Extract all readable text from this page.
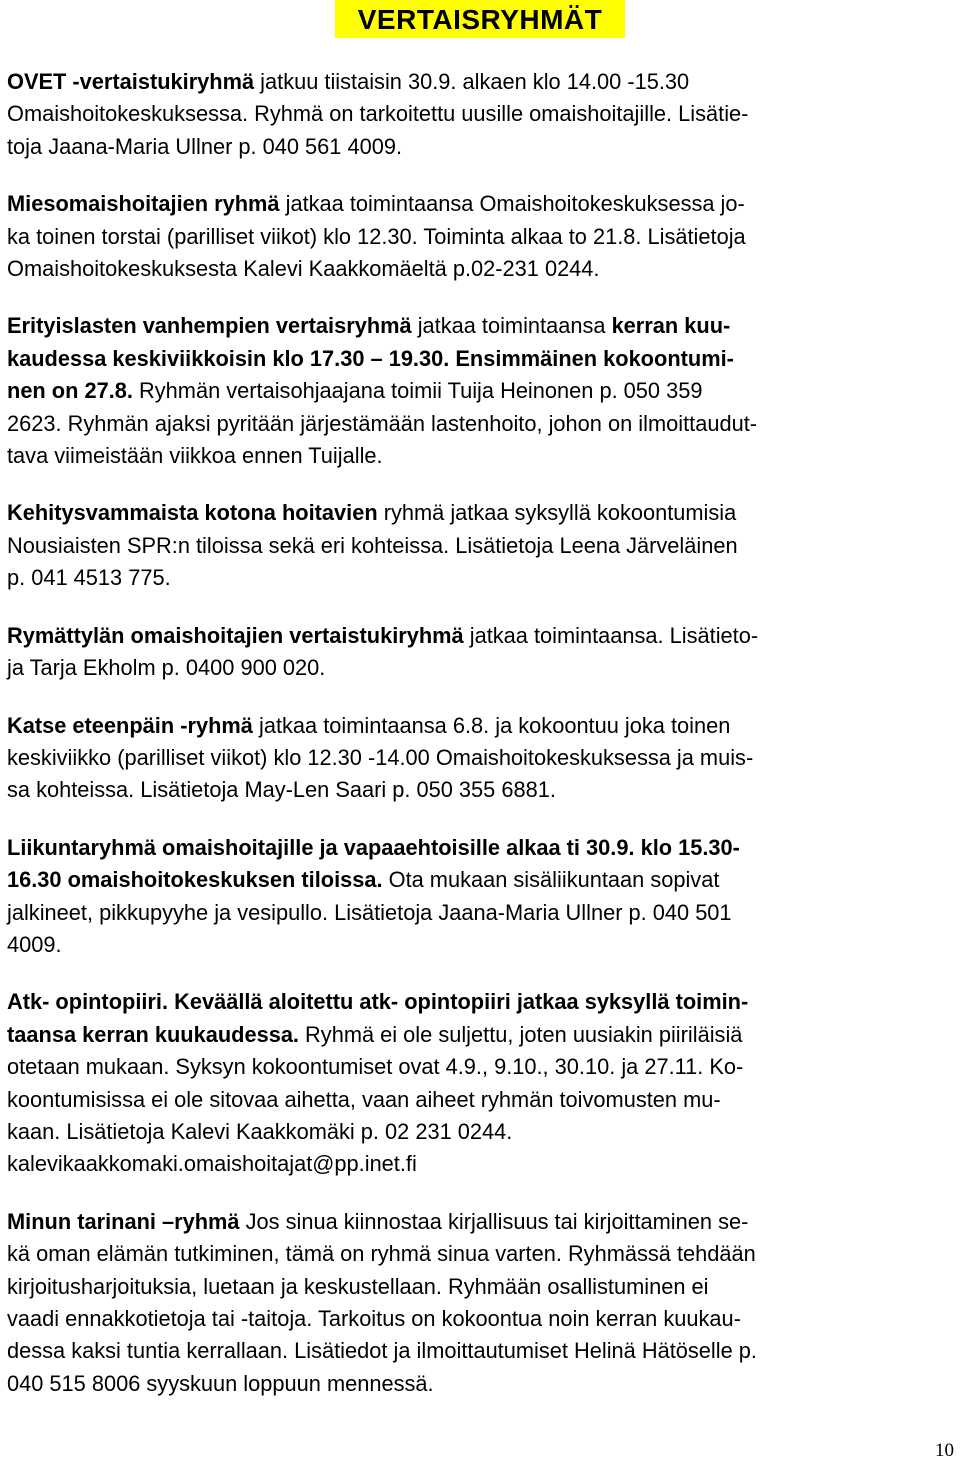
VERTAISRYHMÄT
OVET -vertaistukiryhmä jatkuu tiistaisin 30.9. alkaen klo 14.00 -15.30
Omaishoitokeskuksessa. Ryhmä on tarkoitettu uusille omaishoitajille. Lisätie-
toja Jaana-Maria Ullner p. 040 561 4009.
Miesomaishoitajien ryhmä jatkaa toimintaansa Omaishoitokeskuksessa jo-
ka toinen torstai (parilliset viikot) klo 12.30. Toiminta alkaa to 21.8. Lisätietoja
Omaishoitokeskuksesta Kalevi Kaakkomäeltä p.02-231 0244.
Erityislasten vanhempien vertaisryhmä jatkaa toimintaansa kerran kuu-
kaudessa keskiviikkoisin klo 17.30 – 19.30. Ensimmäinen kokoontumi-
nen on 27.8. Ryhmän vertaisohjaajana toimii Tuija Heinonen p. 050 359
2623. Ryhmän ajaksi pyritään järjestämään lastenhoito, johon on ilmoittaudut-
tava viimeistään viikkoa ennen Tuijalle.
Kehitysvammaista kotona hoitavien ryhmä jatkaa syksyllä kokoontumisia
Nousiaisten SPR:n tiloissa sekä eri kohteissa. Lisätietoja Leena Järveläinen
p. 041 4513 775.
Rymättylän omaishoitajien vertaistukiryhmä jatkaa toimintaansa. Lisätieto-
ja Tarja Ekholm p. 0400 900 020.
Katse eteenpäin -ryhmä jatkaa toimintaansa 6.8. ja kokoontuu joka toinen
keskiviikko (parilliset viikot) klo 12.30 -14.00 Omaishoitokeskuksessa ja muis-
sa kohteissa. Lisätietoja May-Len Saari p. 050 355 6881.
Liikuntaryhmä omaishoitajille ja vapaaehtoisille alkaa ti 30.9. klo 15.30-
16.30 omaishoitokeskuksen tiloissa. Ota mukaan sisäliikuntaan sopivat
jalkineet, pikkupyyhe ja vesipullo. Lisätietoja Jaana-Maria Ullner p. 040 501
4009.
Atk- opintopiiri. Keväällä aloitettu atk- opintopiiri jatkaa syksyllä toimin-
taansa kerran kuukaudessa. Ryhmä ei ole suljettu, joten uusiakin piiriläisiä
otetaan mukaan. Syksyn kokoontumiset ovat 4.9., 9.10., 30.10. ja 27.11. Ko-
koontumisissa ei ole sitovaa aihetta, vaan aiheet ryhmän toivomusten mu-
kaan. Lisätietoja Kalevi Kaakkomäki p. 02 231 0244.
kalevikaakkomaki.omaishoitajat@pp.inet.fi
Minun tarinani –ryhmä Jos sinua kiinnostaa kirjallisuus tai kirjoittaminen se-
kä oman elämän tutkiminen, tämä on ryhmä sinua varten. Ryhmässä tehdään
kirjoitusharjoituksia, luetaan ja keskustellaan. Ryhmään osallistuminen ei
vaadi ennakkotietoja tai -taitoja. Tarkoitus on kokoontua noin kerran kuukau-
dessa kaksi tuntia kerrallaan. Lisätiedot ja ilmoittautumiset Helinä Hätöselle p.
040 515 8006 syyskuun loppuun mennessä.
10
